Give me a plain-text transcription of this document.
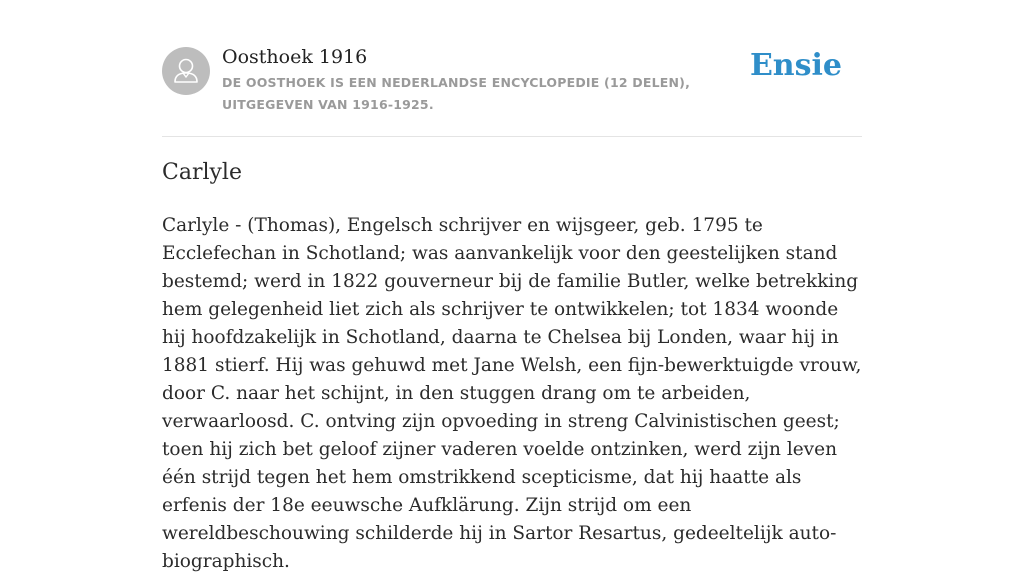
Oosthoek 1916
DE OOSTHOEK IS EEN NEDERLANDSE ENCYCLOPEDIE (12 DELEN), UITGEGEVEN VAN 1916-1925.
Ensie
Carlyle

Carlyle - (Thomas), Engelsch schrijver en wijsgeer, geb. 1795 te Ecclefechan in Schotland; was aanvankelijk voor den geestelijken stand bestemd; werd in 1822 gouverneur bij de familie Butler, welke betrekking hem gelegenheid liet zich als schrijver te ontwikkelen; tot 1834 woonde hij hoofdzakelijk in Schotland, daarna te Chelsea bij Londen, waar hij in 1881 stierf. Hij was gehuwd met Jane Welsh, een fijn-bewerktuigde vrouw, door C. naar het schijnt, in den stuggen drang om te arbeiden, verwaarloosd. C. ontving zijn opvoeding in streng Calvinistischen geest; toen hij zich bet geloof zijner vaderen voelde ontzinken, werd zijn leven één strijd tegen het hem omstrikkend scepticisme, dat hij haatte als erfenis der 18e eeuwsche Aufklärung. Zijn strijd om een wereldbeschouwing schilderde hij in Sartor Resartus, gedeeltelijk auto-biographisch.
